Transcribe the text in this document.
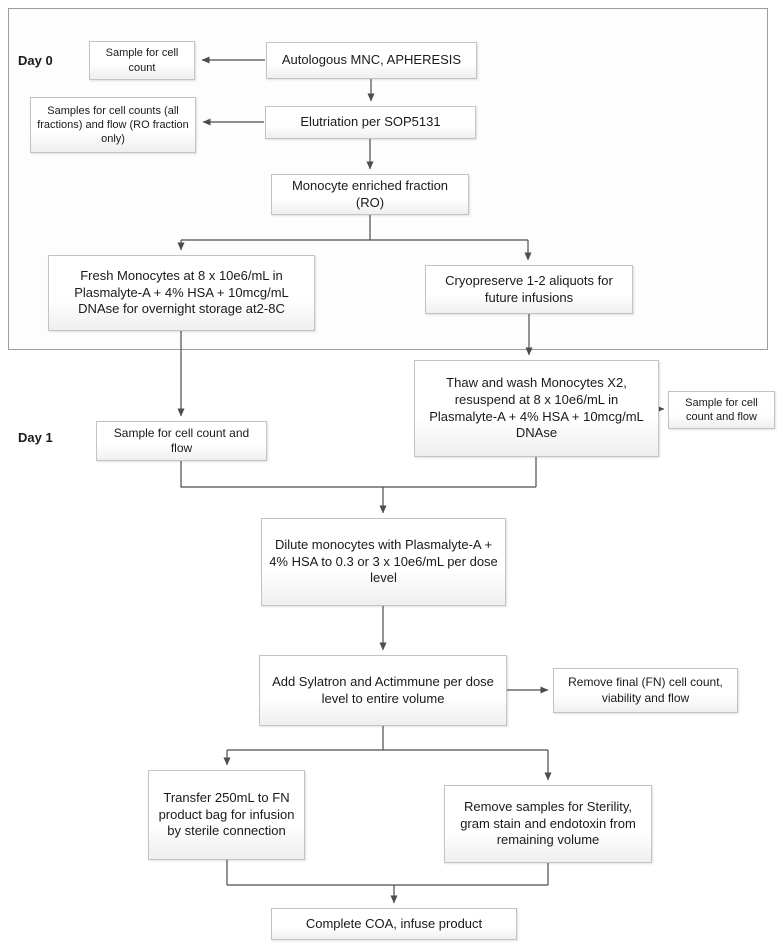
Day 0
Day 1
Sample for cell count
Autologous MNC, APHERESIS
Samples for cell counts (all fractions) and flow (RO fraction only)
Elutriation per SOP5131
Monocyte enriched fraction (RO)
Fresh Monocytes at 8 x 10e6/mL in Plasmalyte-A + 4% HSA + 10mcg/mL DNAse for overnight storage at2-8C
Cryopreserve 1-2 aliquots for future infusions
Thaw and wash Monocytes X2, resuspend at 8 x 10e6/mL in Plasmalyte-A + 4% HSA + 10mcg/mL DNAse
Sample for cell count and flow
Sample for cell count and flow
Dilute monocytes with Plasmalyte-A + 4% HSA to 0.3 or 3 x 10e6/mL per dose level
Add Sylatron and Actimmune per dose level to entire volume
Remove final (FN) cell count, viability and flow
Transfer 250mL to FN product bag for infusion by sterile connection
Remove samples for Sterility, gram stain and endotoxin from remaining volume
Complete COA, infuse product
